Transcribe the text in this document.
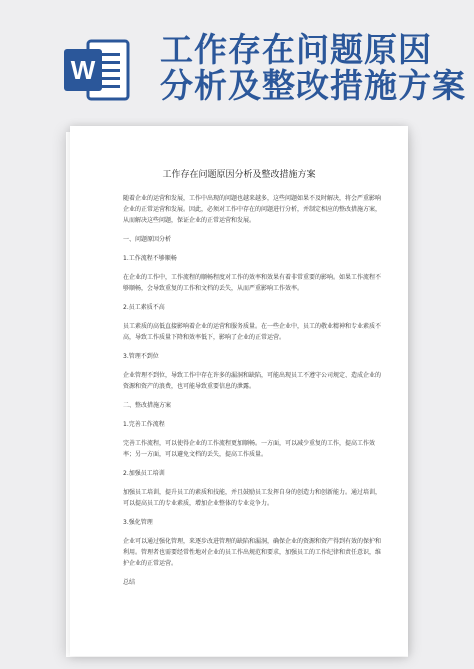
W
工作存在问题原因
分析及整改措施方案
工作存在问题原因分析及整改措施方案

随着企业的运营和发展，工作中出现的问题也越来越多，这些问题如果不及时解决，将会严重影响企业的正常运营和发展。因此，必须对工作中存在的问题进行分析，并制定相应的整改措施方案，从而解决这些问题，保证企业的正常运营和发展。

一、问题原因分析

1.工作流程不够顺畅

在企业的工作中，工作流程的顺畅程度对工作的效率和效果有着非常重要的影响。如果工作流程不够顺畅，会导致重复的工作和文档的丢失，从而严重影响工作效率。

2.员工素质不高

员工素质的高低直接影响着企业的运营和服务质量。在一些企业中，员工的敬业精神和专业素质不高，导致工作质量下降和效率低下，影响了企业的正常运营。

3.管理不到位

企业管理不到位，导致工作中存在许多的漏洞和缺陷，可能出现员工不遵守公司规定、造成企业的资源和资产的浪费，也可能导致重要信息的泄露。

二、整改措施方案

1.完善工作流程

完善工作流程，可以使得企业的工作流程更加顺畅。一方面，可以减少重复的工作，提高工作效率；另一方面，可以避免文档的丢失，提高工作质量。

2.加强员工培训

加强员工培训，提升员工的素质和技能，并且鼓励员工发挥自身的创造力和创新能力。通过培训，可以提高员工的专业素质，增加企业整体的专业竞争力。

3.强化管理

企业可以通过强化管理，来逐步改进管理的缺陷和漏洞，确保企业的资源和资产得到有效的保护和利用。管理者也需要经常性地对企业的员工作出规范和要求，加强员工的工作纪律和责任意识，维护企业的正常运营。

总结
